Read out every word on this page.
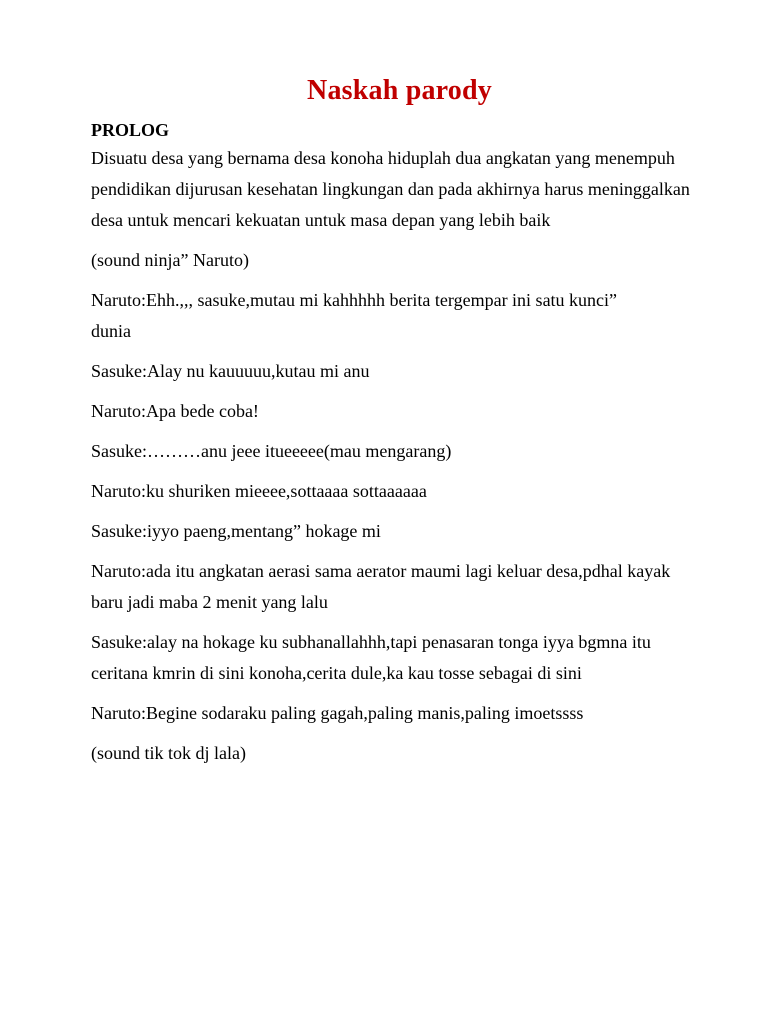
Naskah parody
PROLOG

Disuatu desa yang bernama desa konoha hiduplah dua angkatan yang menempuh pendidikan dijurusan kesehatan lingkungan dan pada akhirnya harus meninggalkan desa untuk mencari kekuatan untuk masa depan yang lebih baik

(sound ninja” Naruto)

Naruto:Ehh.,,, sasuke,mutau mi kahhhhh berita tergempar ini satu kunci” dunia

Sasuke:Alay nu kauuuuu,kutau mi anu

Naruto:Apa bede coba!

Sasuke:………anu jeee itueeeee(mau mengarang)

Naruto:ku shuriken mieeee,sottaaaa sottaaaaaa

Sasuke:iyyo paeng,mentang” hokage mi

Naruto:ada itu angkatan aerasi sama aerator maumi lagi keluar desa,pdhal kayak baru jadi maba 2 menit yang lalu

Sasuke:alay na hokage ku subhanallahhh,tapi penasaran tonga iyya bgmna itu ceritana kmrin di sini konoha,cerita dule,ka kau tosse sebagai di sini

Naruto:Begine sodaraku paling gagah,paling manis,paling imoetssss

(sound tik tok dj lala)
